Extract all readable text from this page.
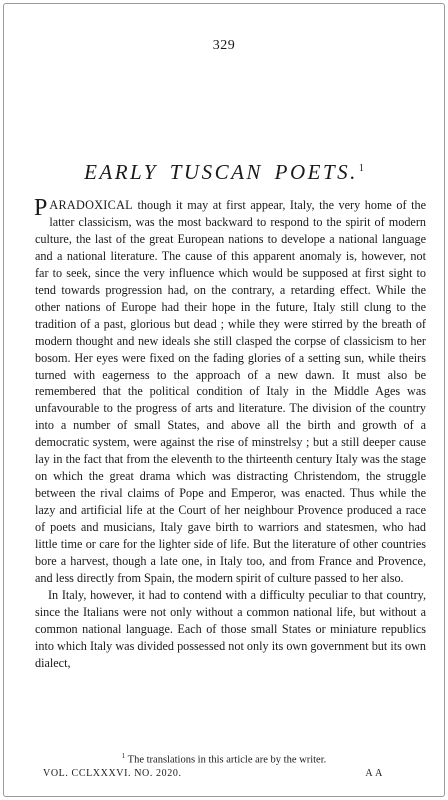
329
EARLY TUSCAN POETS.$^1$

PARADOXICAL though it may at first appear, Italy, the very home of the latter classicism, was the most backward to respond to the spirit of modern culture, the last of the great European nations to develope a national language and a national literature. The cause of this apparent anomaly is, however, not far to seek, since the very influence which would be supposed at first sight to tend towards progression had, on the contrary, a retarding effect. While the other nations of Europe had their hope in the future, Italy still clung to the tradition of a past, glorious but dead ; while they were stirred by the breath of modern thought and new ideals she still clasped the corpse of classicism to her bosom. Her eyes were fixed on the fading glories of a setting sun, while theirs turned with eagerness to the approach of a new dawn. It must also be remembered that the political condition of Italy in the Middle Ages was unfavourable to the progress of arts and literature. The division of the country into a number of small States, and above all the birth and growth of a democratic system, were against the rise of minstrelsy ; but a still deeper cause lay in the fact that from the eleventh to the thirteenth century Italy was the stage on which the great drama which was distracting Christendom, the struggle between the rival claims of Pope and Emperor, was enacted. Thus while the lazy and artificial life at the Court of her neighbour Provence produced a race of poets and musicians, Italy gave birth to warriors and statesmen, who had little time or care for the lighter side of life. But the literature of other countries bore a harvest, though a late one, in Italy too, and from France and Provence, and less directly from Spain, the modern spirit of culture passed to her also.

In Italy, however, it had to contend with a difficulty peculiar to that country, since the Italians were not only without a common national life, but without a common national language. Each of those small States or miniature republics into which Italy was divided possessed not only its own government but its own dialect,

$^1$ The translations in this article are by the writer.
VOL. CCLXXXVI. NO. 2020.	A A
